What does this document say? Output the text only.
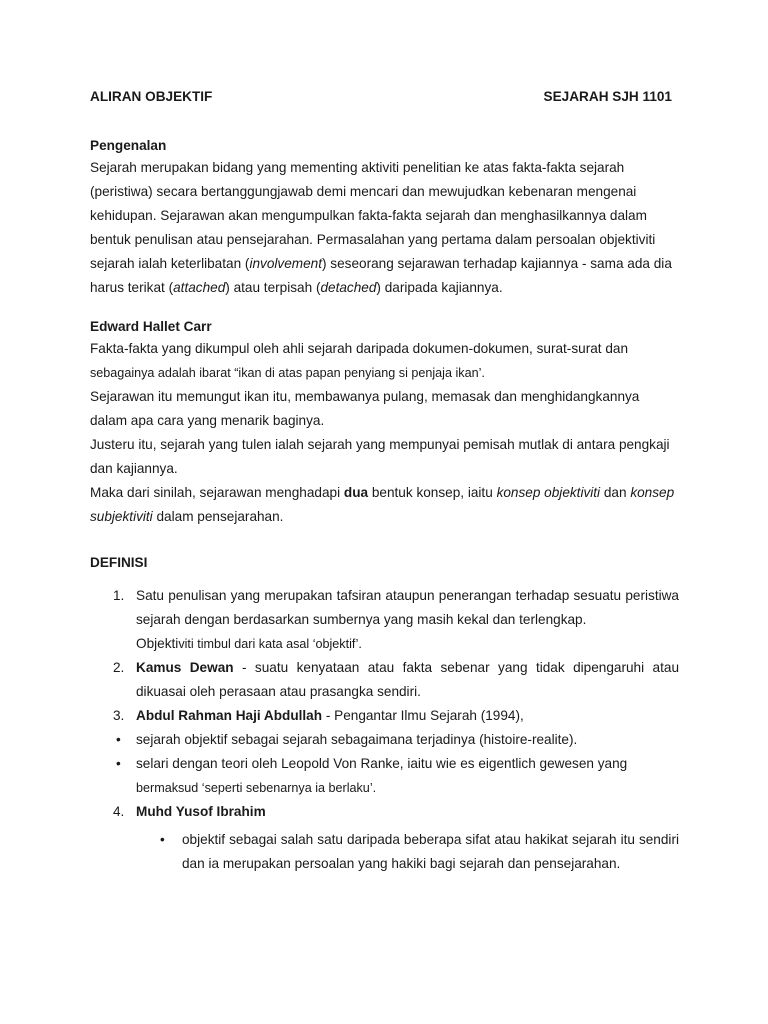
ALIRAN OBJEKTIF	SEJARAH SJH 1101
Pengenalan

Sejarah merupakan bidang yang mementing aktiviti penelitian ke atas fakta-fakta sejarah (peristiwa) secara bertanggungjawab demi mencari dan mewujudkan kebenaran mengenai kehidupan. Sejarawan akan mengumpulkan fakta-fakta sejarah dan menghasilkannya dalam bentuk penulisan atau pensejarahan. Permasalahan yang pertama dalam persoalan objektiviti sejarah ialah keterlibatan (involvement) seseorang sejarawan terhadap kajiannya - sama ada dia harus terikat (attached) atau terpisah (detached) daripada kajiannya.

Edward Hallet Carr

Fakta-fakta yang dikumpul oleh ahli sejarah daripada dokumen-dokumen, surat-surat dan

sebagainya adalah ibarat “ikan di atas papan penyiang si penjaja ikan’.

Sejarawan itu memungut ikan itu, membawanya pulang, memasak dan menghidangkannya dalam apa cara yang menarik baginya.

Justeru itu, sejarah yang tulen ialah sejarah yang mempunyai pemisah mutlak di antara pengkaji dan kajiannya.

Maka dari sinilah, sejarawan menghadapi dua bentuk konsep, iaitu konsep objektiviti dan konsep subjektiviti dalam pensejarahan.

DEFINISI
1. Satu penulisan yang merupakan tafsiran ataupun penerangan terhadap sesuatu peristiwa sejarah dengan berdasarkan sumbernya yang masih kekal dan terlengkap.
Objektiviti timbul dari kata asal ‘objektif’.
2. Kamus Dewan - suatu kenyataan atau fakta sebenar yang tidak dipengaruhi atau dikuasai oleh perasaan atau prasangka sendiri.
3. Abdul Rahman Haji Abdullah - Pengantar Ilmu Sejarah (1994),
• sejarah objektif sebagai sejarah sebagaimana terjadinya (histoire-realite).
• selari dengan teori oleh Leopold Von Ranke, iaitu wie es eigentlich gewesen yang
bermaksud ‘seperti sebenarnya ia berlaku’.
4. Muhd Yusof Ibrahim
• objektif sebagai salah satu daripada beberapa sifat atau hakikat sejarah itu sendiri dan ia merupakan persoalan yang hakiki bagi sejarah dan pensejarahan.
